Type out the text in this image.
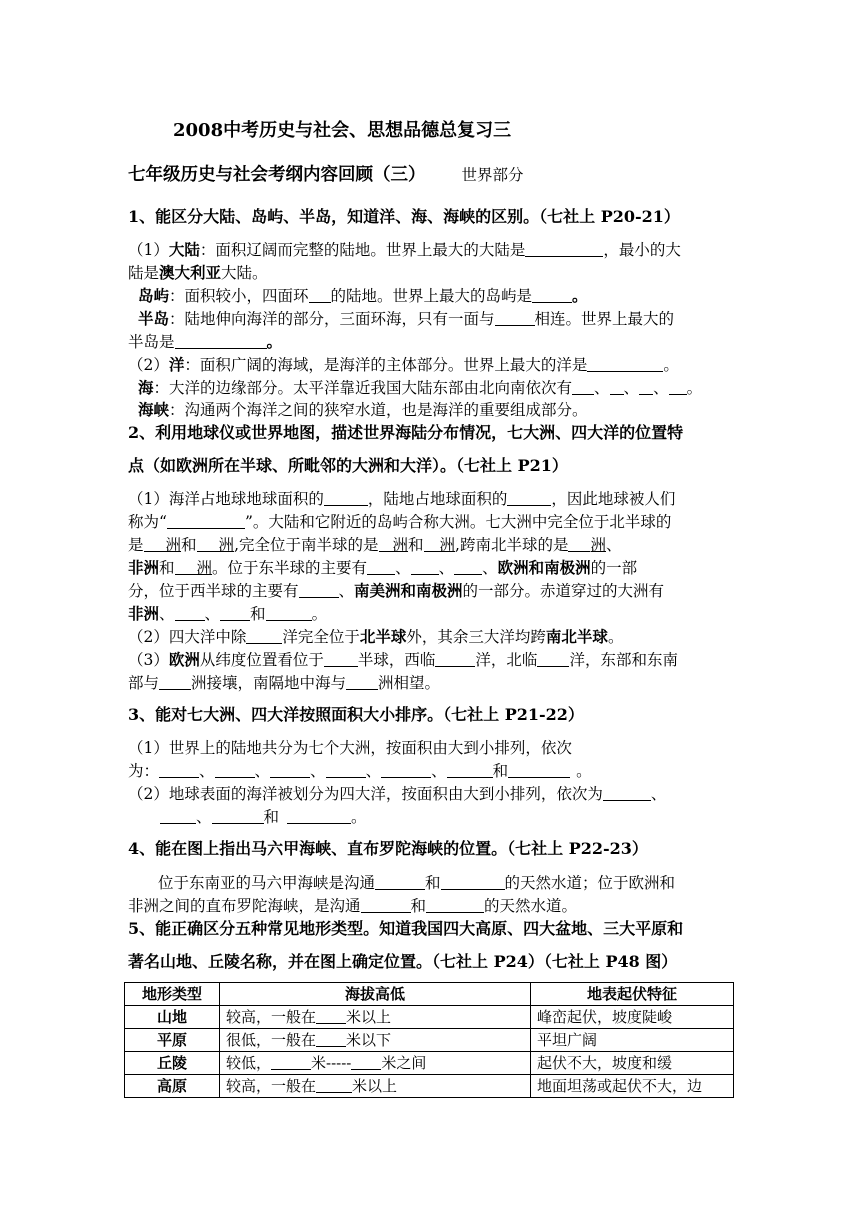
2008中考历史与社会、思想品德总复习三
七年级历史与社会考纲内容回顾（三） 世界部分
1、能区分大陆、岛屿、半岛，知道洋、海、海峡的区别。（七社上 P20-21）
（1）大陆：面积辽阔而完整的陆地。世界上最大的大陆是	，最小的大
陆是澳大利亚大陆。
岛屿：面积较小，四面环 的陆地。世界上最大的岛屿是	。
半岛：陆地伸向海洋的部分，三面环海，只有一面与	相连。世界上最大的
半岛是	。
（2）洋：面积广阔的海域，是海洋的主体部分。世界上最大的洋是	。
海：大洋的边缘部分。太平洋靠近我国大陆东部由北向南依次有 、 、 、 。
海峡：沟通两个海洋之间的狭窄水道，也是海洋的重要组成部分。
2、利用地球仪或世界地图，描述世界海陆分布情况，七大洲、四大洋的位置特
点（如欧洲所在半球、所毗邻的大洲和大洋）。（七社上 P21）
（1）海洋占地球地球面积的	，陆地占地球面积的	，因此地球被人们
称为“	”。大陆和它附近的岛屿合称大洲。七大洲中完全位于北半球的
是 洲和 洲,完全位于南半球的是 洲和 洲,跨南北半球的是 洲、
非洲和 洲。位于东半球的主要有 、 、 、欧洲和南极洲的一部
分，位于西半球的主要有	、南美洲和南极洲的一部分。赤道穿过的大洲有
非洲、 、 和	。
（2）四大洋中除 洋完全位于北半球外，其余三大洋均跨南北半球。
（3）欧洲从纬度位置看位于 半球，西临	洋，北临 洋，东部和东南
部与 洲接壤，南隔地中海与 洲相望。
3、能对七大洲、四大洋按照面积大小排序。（七社上 P21-22）
（1）世界上的陆地共分为七个大洲，按面积由大到小排列，依次
为：	、	、	、	、	、	和	。
（2）地球表面的海洋被划分为四大洋，按面积由大到小排列，依次为	、
、	和	。
4、能在图上指出马六甲海峡、直布罗陀海峡的位置。（七社上 P22-23）
位于东南亚的马六甲海峡是沟通	和	的天然水道；位于欧洲和
非洲之间的直布罗陀海峡，是沟通	和	的天然水道。
5、能正确区分五种常见地形类型。知道我国四大高原、四大盆地、三大平原和
著名山地、丘陵名称，并在图上确定位置。（七社上 P24）（七社上 P48 图）
地形类型	海拔高低	地表起伏特征
山地	较高，一般在 米以上	峰峦起伏，坡度陡峻
平原	很低，一般在 米以下	平坦广阔
丘陵	较低， 米----- 米之间	起伏不大，坡度和缓
高原	较高，一般在 米以上	地面坦荡或起伏不大，边
